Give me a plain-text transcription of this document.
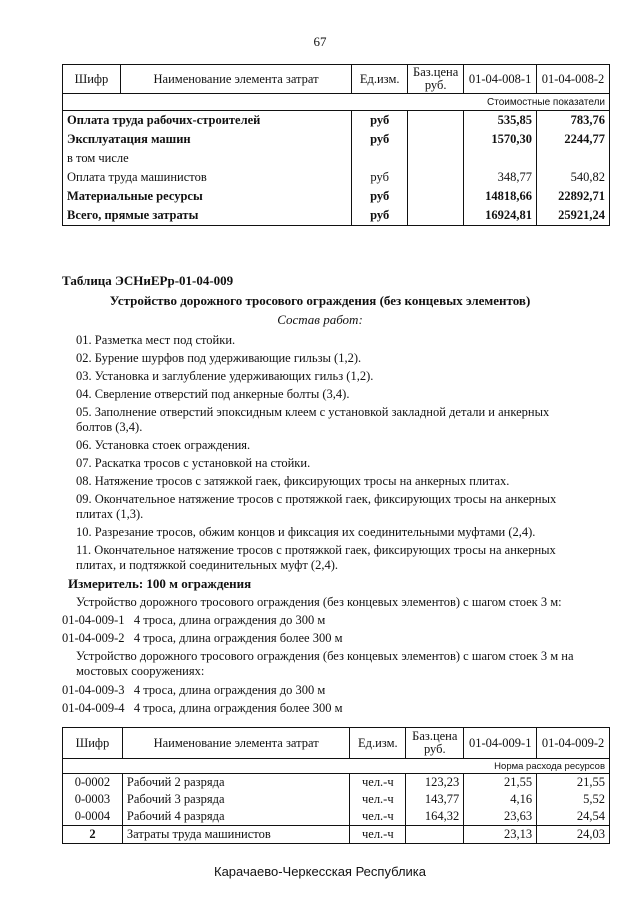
67
Шифр	Наименование элемента затрат	Ед.изм.	Баз.цена руб.	01-04-008-1	01-04-008-2
Стоимостные показатели					
Оплата труда рабочих-строителей		руб		535,85	783,76
Эксплуатация машин		руб		1570,30	2244,77
в том числе					
Оплата труда машинистов		руб		348,77	540,82
Материальные ресурсы		руб		14818,66	22892,71
Всего, прямые затраты		руб		16924,81	25921,24
Таблица ЭСНиЕРр-01-04-009
Устройство дорожного тросового ограждения (без концевых элементов)
Состав работ:
01. Разметка мест под стойки.
02. Бурение шурфов под удерживающие гильзы (1,2).
03. Установка и заглубление удерживающих гильз (1,2).
04. Сверление отверстий под анкерные болты (3,4).
05. Заполнение отверстий эпоксидным клеем с установкой закладной детали и анкерных болтов (3,4).
06. Установка стоек ограждения.
07. Раскатка тросов с установкой на стойки.
08. Натяжение тросов с затяжкой гаек, фиксирующих тросы на анкерных плитах.
09. Окончательное натяжение тросов с протяжкой гаек, фиксирующих тросы на анкерных плитах (1,3).
10. Разрезание тросов, обжим концов и фиксация их соединительными муфтами (2,4).
11. Окончательное натяжение тросов с протяжкой гаек, фиксирующих тросы на анкерных плитах, и подтяжкой соединительных муфт (2,4).
Измеритель: 100 м ограждения
Устройство дорожного тросового ограждения (без концевых элементов) с шагом стоек 3 м:
01-04-009-1 4 троса, длина ограждения до 300 м
01-04-009-2 4 троса, длина ограждения более 300 м
Устройство дорожного тросового ограждения (без концевых элементов) с шагом стоек 3 м на мостовых сооружениях:
01-04-009-3 4 троса, длина ограждения до 300 м
01-04-009-4 4 троса, длина ограждения более 300 м
Шифр	Наименование элемента затрат	Ед.изм.	Баз.цена руб.	01-04-009-1	01-04-009-2
				Норма расхода ресурсов	
0-0002	Рабочий 2 разряда	чел.-ч	123,23	21,55	21,55
0-0003	Рабочий 3 разряда	чел.-ч	143,77	4,16	5,52
0-0004	Рабочий 4 разряда	чел.-ч	164,32	23,63	24,54
2	Затраты труда машинистов	чел.-ч		23,13	24,03
Карачаево-Черкесская Республика
